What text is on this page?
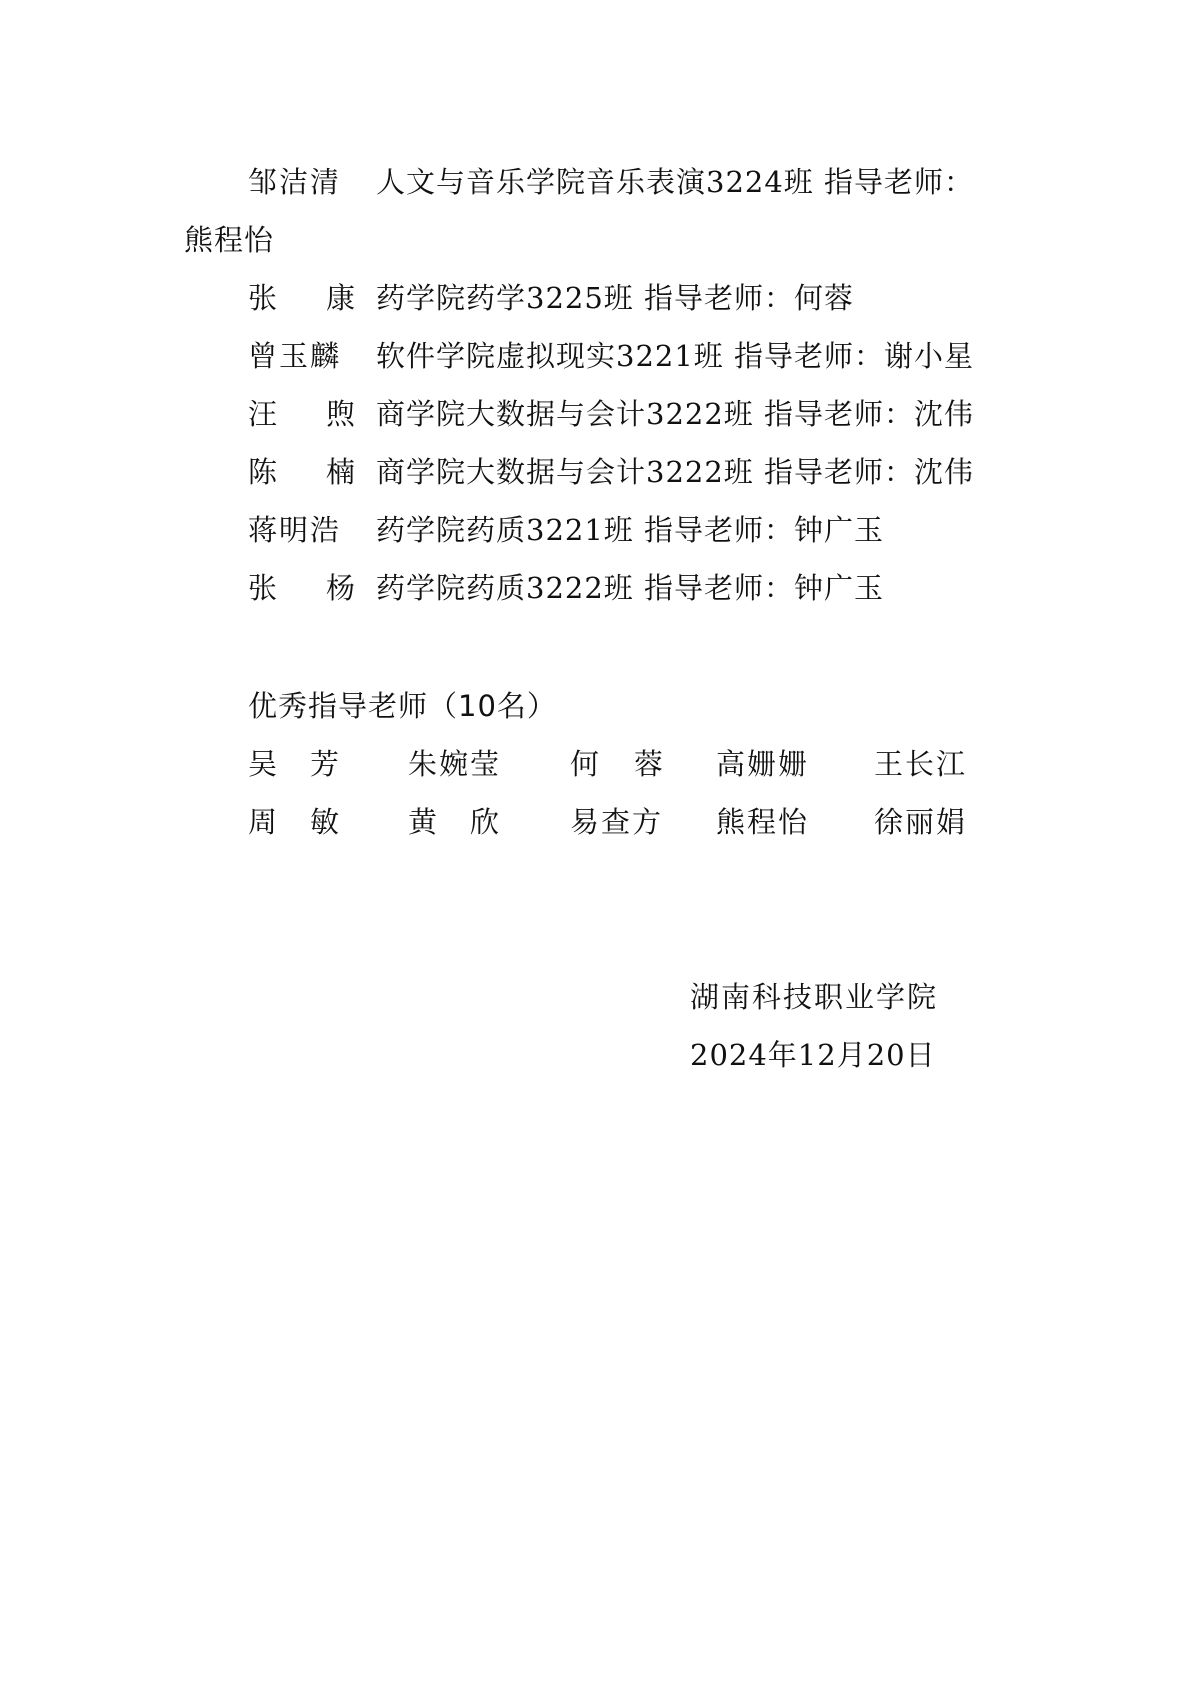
邹洁清 人文与音乐学院音乐表演3224班 指导老师：
熊程怡
张 康 药学院药学3225班 指导老师：何蓉
曾玉麟 软件学院虚拟现实3221班 指导老师：谢小星
汪 煦 商学院大数据与会计3222班 指导老师：沈伟
陈 楠 商学院大数据与会计3222班 指导老师：沈伟
蒋明浩 药学院药质3221班 指导老师：钟广玉
张 杨 药学院药质3222班 指导老师：钟广玉
优秀指导老师（10名）
吴 芳 朱婉莹 何 蓉 高姗姗 王长江
周 敏 黄 欣 易查方 熊程怡 徐丽娟
湖南科技职业学院
2024年12月20日
